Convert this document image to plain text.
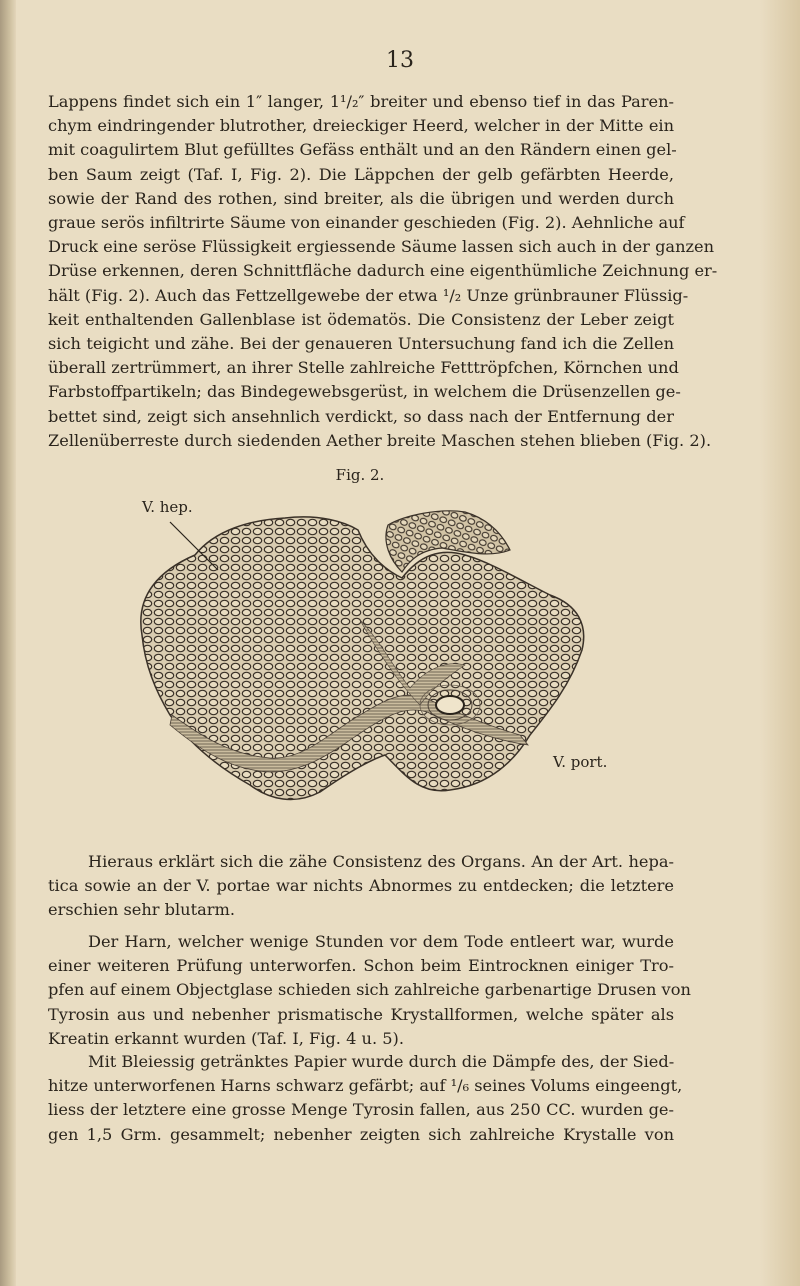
13
Lappens findet sich ein 1″ langer, 1¹/₂″ breiter und ebenso tief in das Paren-
chym eindringender blutrother, dreieckiger Heerd, welcher in der Mitte ein
mit coagulirtem Blut gefülltes Gefäss enthält und an den Rändern einen gel-
ben Saum zeigt (Taf. I, Fig. 2). Die Läppchen der gelb gefärbten Heerde,
sowie der Rand des rothen, sind breiter, als die übrigen und werden durch
graue serös infiltrirte Säume von einander geschieden (Fig. 2). Aehnliche auf
Druck eine seröse Flüssigkeit ergiessende Säume lassen sich auch in der ganzen
Drüse erkennen, deren Schnittfläche dadurch eine eigenthümliche Zeichnung er-
hält (Fig. 2). Auch das Fettzellgewebe der etwa ¹/₂ Unze grünbrauner Flüssig-
keit enthaltenden Gallenblase ist ödematös. Die Consistenz der Leber zeigt
sich teigicht und zähe. Bei der genaueren Untersuchung fand ich die Zellen
überall zertrümmert, an ihrer Stelle zahlreiche Fetttröpfchen, Körnchen und
Farbstoffpartikeln; das Bindegewebsgerüst, in welchem die Drüsenzellen ge-
bettet sind, zeigt sich ansehnlich verdickt, so dass nach der Entfernung der
Zellenüberreste durch siedenden Aether breite Maschen stehen blieben (Fig. 2).
Fig. 2.
V. hep.
V. port.
Hieraus erklärt sich die zähe Consistenz des Organs. An der Art. hepa-
tica sowie an der V. portae war nichts Abnormes zu entdecken; die letztere
erschien sehr blutarm.
Der Harn, welcher wenige Stunden vor dem Tode entleert war, wurde
einer weiteren Prüfung unterworfen. Schon beim Eintrocknen einiger Tro-
pfen auf einem Objectglase schieden sich zahlreiche garbenartige Drusen von
Tyrosin aus und nebenher prismatische Krystallformen, welche später als
Kreatin erkannt wurden (Taf. I, Fig. 4 u. 5).
Mit Bleiessig getränktes Papier wurde durch die Dämpfe des, der Sied-
hitze unterworfenen Harns schwarz gefärbt; auf ¹/₆ seines Volums eingeengt,
liess der letztere eine grosse Menge Tyrosin fallen, aus 250 CC. wurden ge-
gen 1,5 Grm. gesammelt; nebenher zeigten sich zahlreiche Krystalle von
